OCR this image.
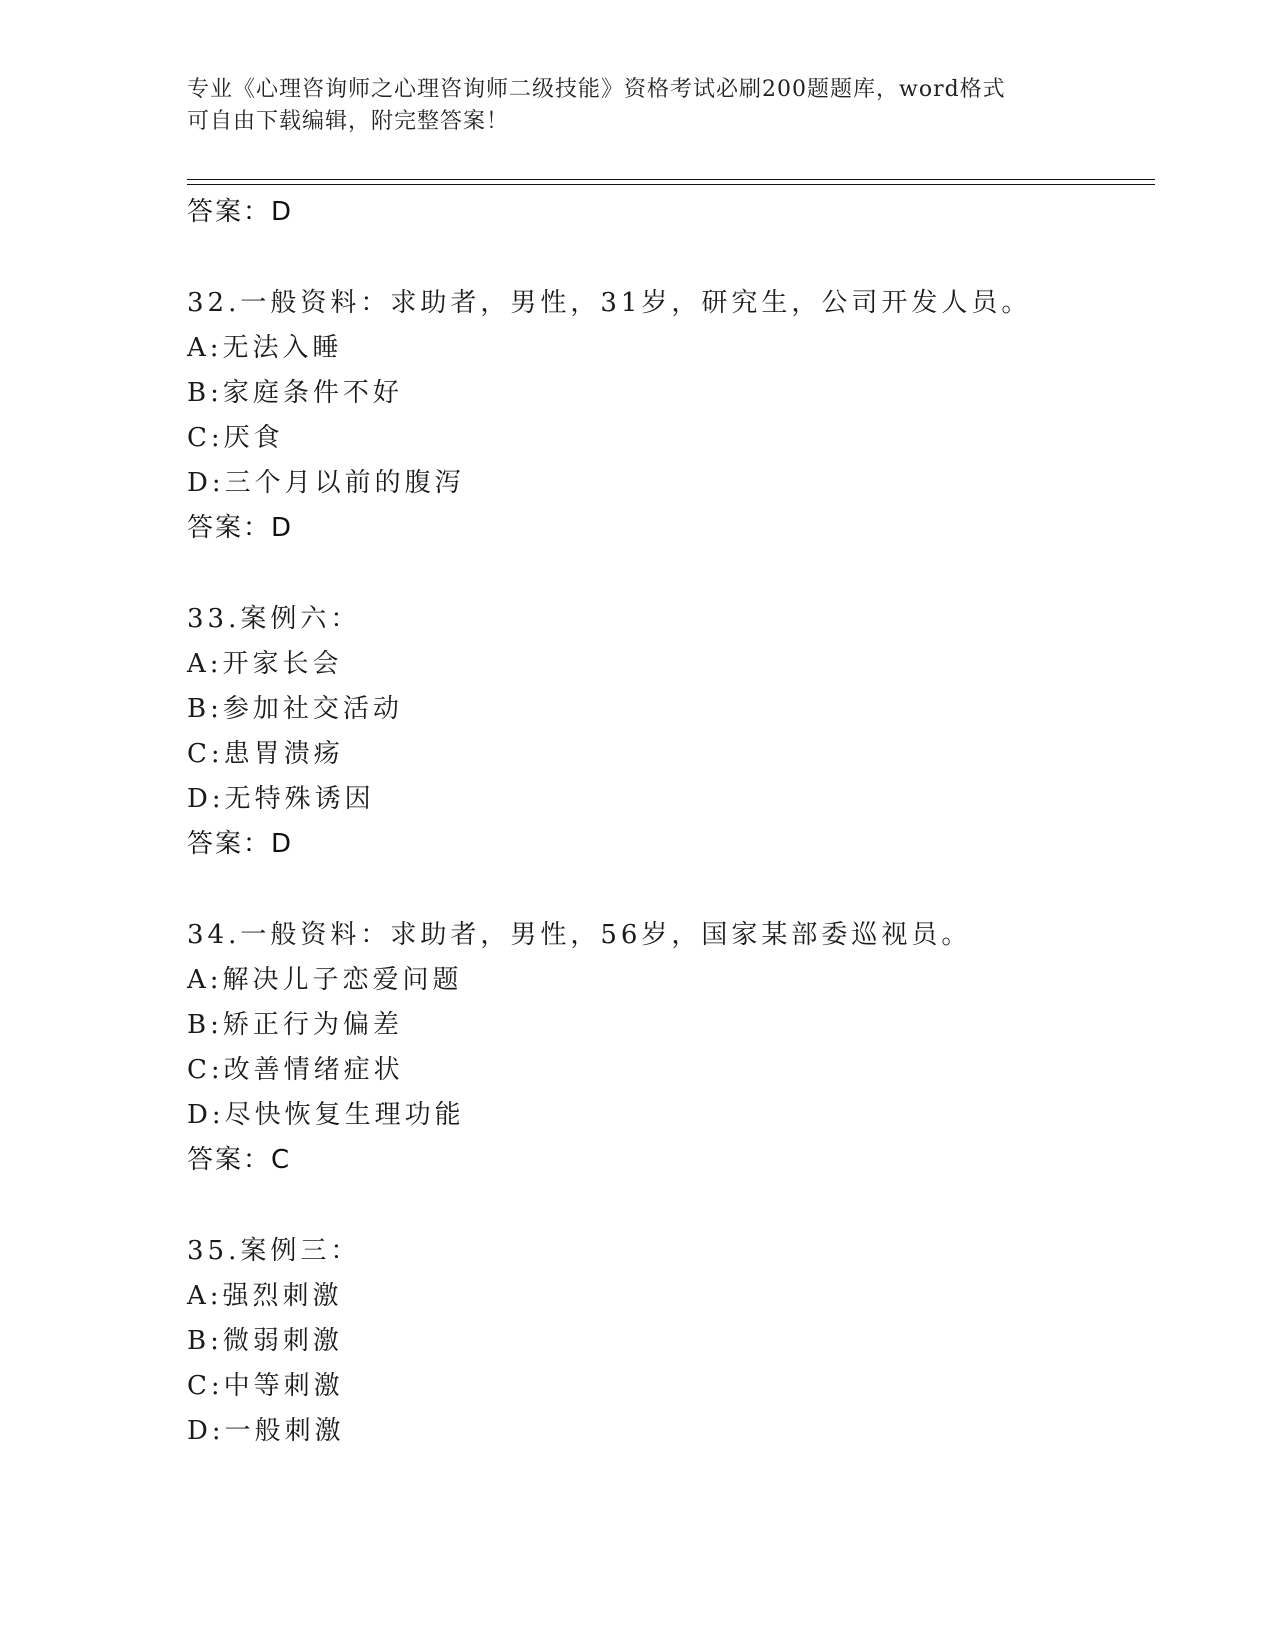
专业《心理咨询师之心理咨询师二级技能》资格考试必刷200题题库，word格式
可自由下载编辑，附完整答案！
答案：D
32.一般资料：求助者，男性，31岁，研究生，公司开发人员。
A:无法入睡
B:家庭条件不好
C:厌食
D:三个月以前的腹泻
答案：D
33.案例六：
A:开家长会
B:参加社交活动
C:患胃溃疡
D:无特殊诱因
答案：D
34.一般资料：求助者，男性，56岁，国家某部委巡视员。
A:解决儿子恋爱问题
B:矫正行为偏差
C:改善情绪症状
D:尽快恢复生理功能
答案：C
35.案例三：
A:强烈刺激
B:微弱刺激
C:中等刺激
D:一般刺激
